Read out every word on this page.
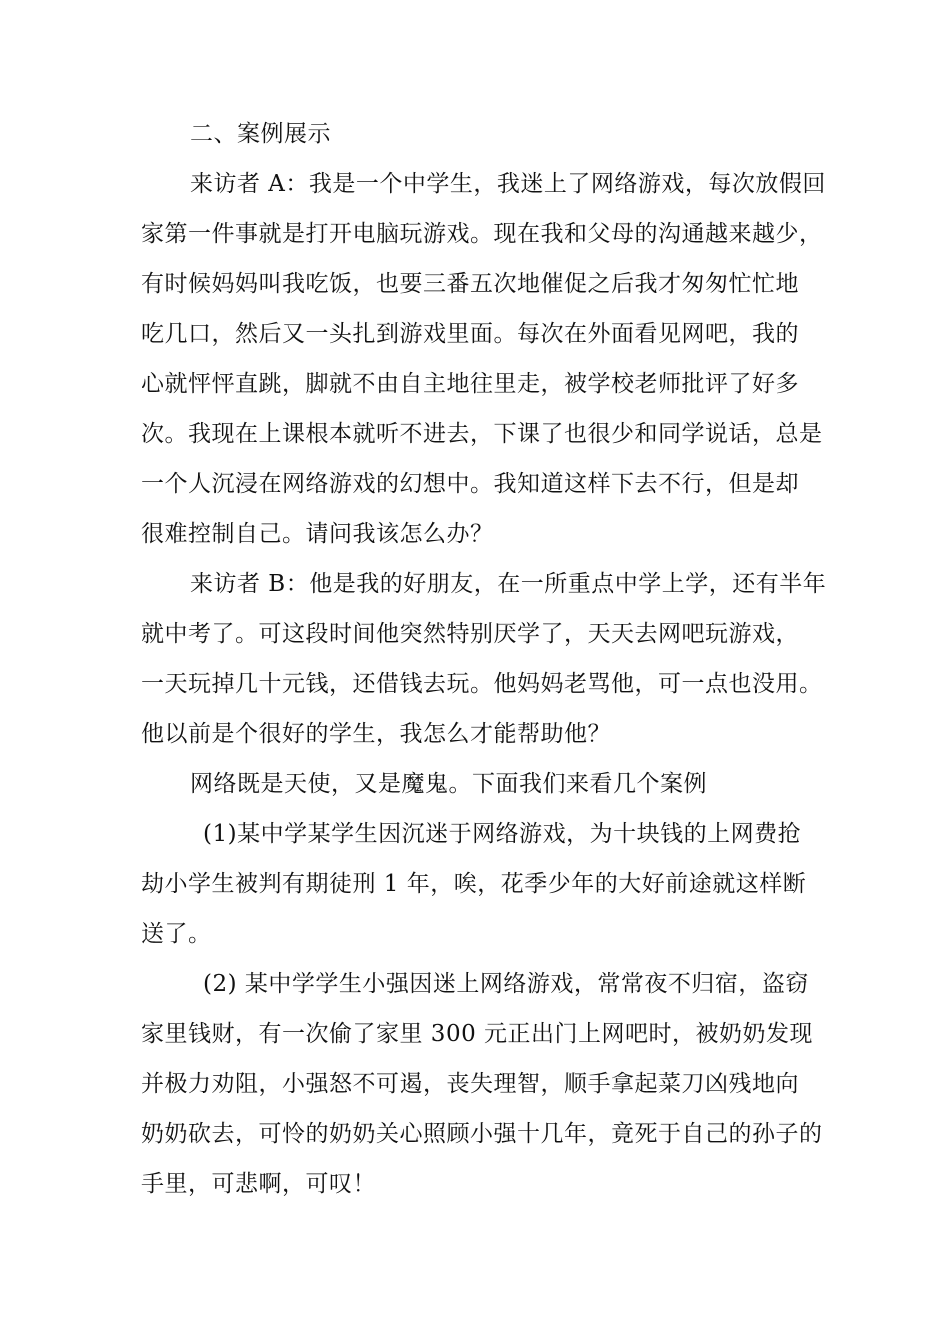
二、案例展示

来访者 A：我是一个中学生，我迷上了网络游戏，每次放假回

家第一件事就是打开电脑玩游戏。现在我和父母的沟通越来越少，

有时候妈妈叫我吃饭，也要三番五次地催促之后我才匆匆忙忙地

吃几口，然后又一头扎到游戏里面。每次在外面看见网吧，我的

心就怦怦直跳，脚就不由自主地往里走，被学校老师批评了好多

次。我现在上课根本就听不进去，下课了也很少和同学说话，总是

一个人沉浸在网络游戏的幻想中。我知道这样下去不行，但是却

很难控制自己。请问我该怎么办？

来访者 B：他是我的好朋友，在一所重点中学上学，还有半年

就中考了。可这段时间他突然特别厌学了，天天去网吧玩游戏，

一天玩掉几十元钱，还借钱去玩。他妈妈老骂他，可一点也没用。

他以前是个很好的学生，我怎么才能帮助他？

网络既是天使，又是魔鬼。下面我们来看几个案例

(1)某中学某学生因沉迷于网络游戏，为十块钱的上网费抢

劫小学生被判有期徒刑 1 年，唉，花季少年的大好前途就这样断

送了。

(2) 某中学学生小强因迷上网络游戏，常常夜不归宿，盗窃

家里钱财，有一次偷了家里 300 元正出门上网吧时，被奶奶发现

并极力劝阻，小强怒不可遏，丧失理智，顺手拿起菜刀凶残地向

奶奶砍去，可怜的奶奶关心照顾小强十几年，竟死于自己的孙子的

手里，可悲啊，可叹！
